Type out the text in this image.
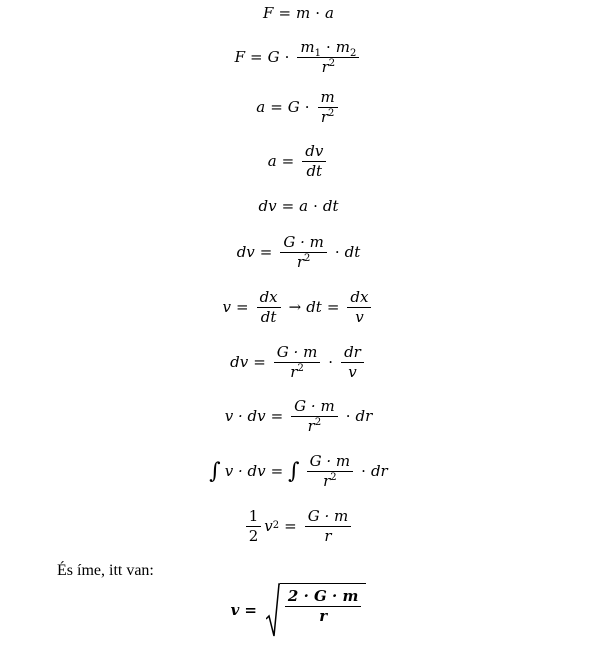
F = m · a
$F = G \cdot \frac{m_1 \cdot m_2}{r^2}$
$a = G \cdot \frac{m}{r^2}$
$a = \frac{dv}{dt}$
dv = a · dt
dv = $\frac{G \cdot m}{r^2}$ · dt
$v = \frac{dx}{dt}$ → dt = $\frac{dx}{v}$
dv = $\frac{G \cdot m}{r^2} \cdot \frac{dr}{v}$
v · dv = $\frac{G \cdot m}{r^2}$ · dr
∫ v · dv = ∫ $\frac{G \cdot m}{r^2}$ · dr
$\frac{1}{2}$ v $2 = \frac{G \cdot m}{r}$
És íme, itt van:
$v = \frac{2 \cdot G \cdot m}{r}$
